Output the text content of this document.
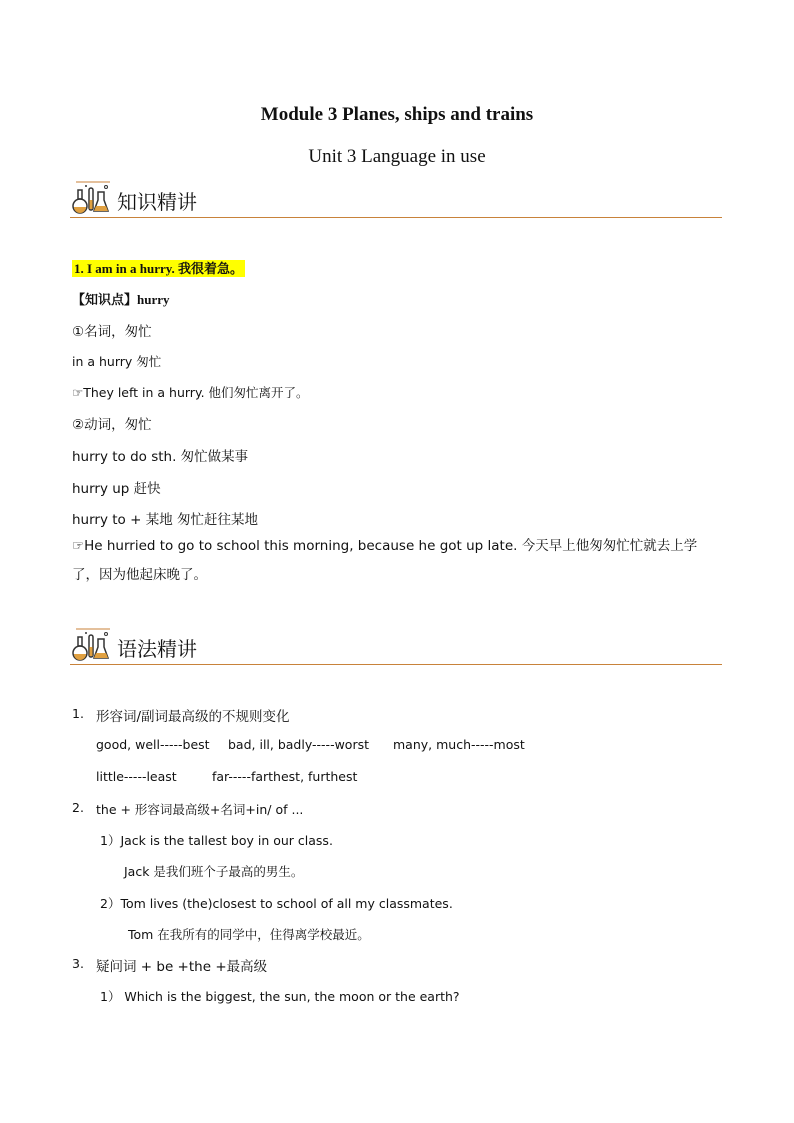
Module 3 Planes, ships and trains
Unit 3 Language in use
知识精讲
1. I am in a hurry. 我很着急。
【知识点】hurry
①名词，匆忙
in a hurry 匆忙
☞They left in a hurry. 他们匆忙离开了。
②动词，匆忙
hurry to do sth. 匆忙做某事
hurry up 赶快
hurry to + 某地 匆忙赶往某地
☞He hurried to go to school this morning, because he got up late. 今天早上他匆匆忙忙就去上学了，因为他起床晚了。
语法精讲
1. 形容词/副词最高级的不规则变化
good, well-----best bad, ill, badly-----worst many, much-----most
little-----least	far-----farthest, furthest
2. the + 形容词最高级+名词+in/ of ...
1）Jack is the tallest boy in our class.
Jack 是我们班个子最高的男生。
2）Tom lives (the)closest to school of all my classmates.
Tom 在我所有的同学中，住得离学校最近。
3. 疑问词 + be +the +最高级
1） Which is the biggest, the sun, the moon or the earth?
